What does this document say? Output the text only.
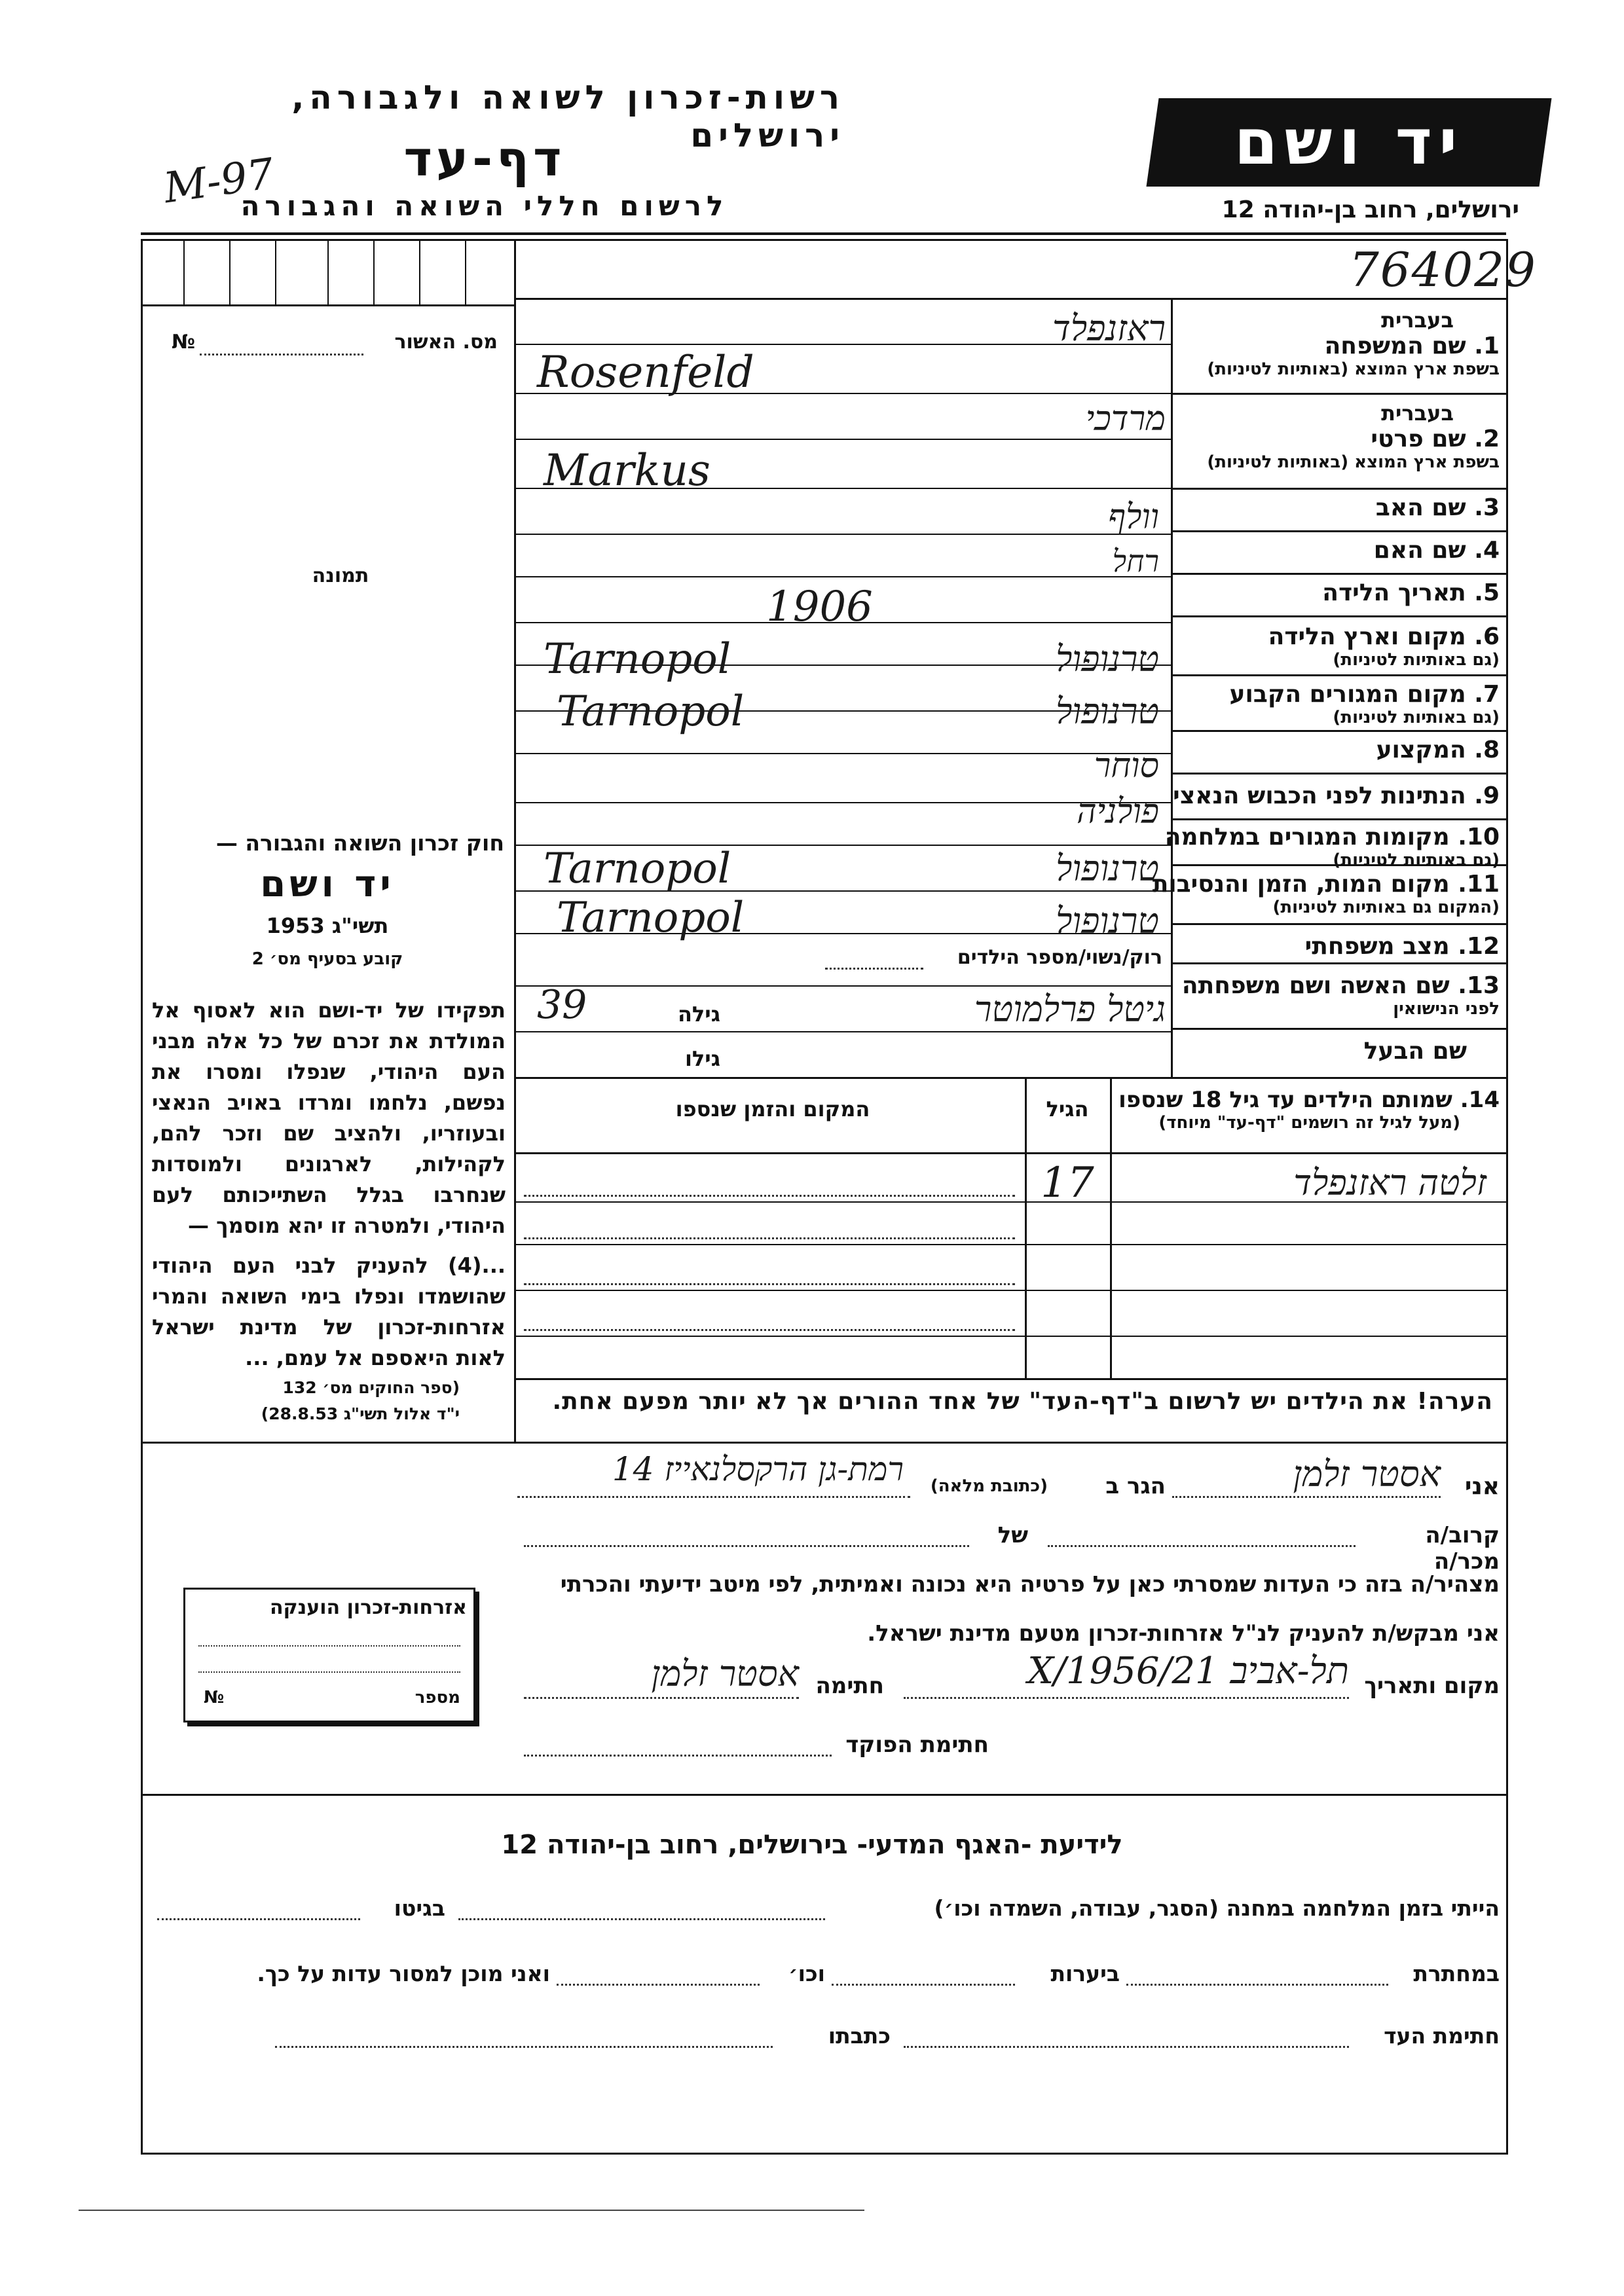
רשות-זכרון לשואה ולגבורה, ירושלים
דף-עד
לרשום חללי השואה והגבורה
M-97
יד ושם
ירושלים, רחוב בן-יהודה 12
764029
מס. האשור
№
תמונה
חוק זכרון השואה והגבורה —
יד ושם
תשי"ג 1953
קובע בסעיף מס׳ 2
תפקידו של יד-ושם הוא לאסוף אל המולדת את זכרם של כל אלה מבני העם היהודי, שנפלו ומסרו את נפשם, נלחמו ומרדו באויב הנאצי ובעוזריו, ולהציב שם וזכר להם, לקהילות, לארגונים ולמוסדות שנחרבו בגלל השתייכותם לעם היהודי, ולמטרה זו יהא מוסמך —
...(4) להעניק לבני העם היהודי שהושמדו ונפלו בימי השואה והמרי אזרחות-זכרון של מדינת ישראל לאות היאספם אל עמם, ...
(ספר החוקים מס׳ 132
י"ד אלול תשי"ג 28.8.53)
בעברית
1. שם המשפחה
בשפת ארץ המוצא (באותיות לטיניות)
ראזנפלד
Rosenfeld
בעברית
2. שם פרטי
בשפת ארץ המוצא (באותיות לטיניות)
מרדכי
Markus
3. שם האב
וולף
4. שם האם
רחל
5. תאריך הלידה
1906
6. מקום וארץ הלידה
(גם באותיות לטיניות)
טרנופול
Tarnopol
7. מקום המגורים הקבוע
(גם באותיות לטיניות)
טרנופול
Tarnopol
8. המקצוע
סוחר
9. הנתינות לפני הכבוש הנאצי
פולניה
10. מקומות המגורים במלחמה
(גם באותיות לטיניות)
טרנופול
Tarnopol	11. מקום המות, הזמן והנסיבות
(המקום גם באותיות לטיניות)
טרנופול
Tarnopol
12. מצב משפחתי
רוק/נשוי/מספר הילדים
13. שם האשה ושם משפחתה
לפני הנישואין
גיטל פרלמוטר
גילה
39
שם הבעל
גילו
14. שמותם הילדים עד גיל 18 שנספו
(מעל לגיל זה רושמים "דף-עד" מיוחד)
הגיל
המקום והזמן שנספו
זלטה ראזנפלד
17
הערה! את הילדים יש לרשום ב"דף-העד" של אחד ההורים אך לא יותר מפעם אחת.
אני
אסטר זלמן
הגר ב
(כתובת מלאה)
רמת-גן הרקסלנאייז 14
קרוב/ה מכר/ה
של
מצהיר/ה בזה כי העדות שמסרתי כאן על פרטיה היא נכונה ואמיתית, לפי מיטב ידיעתי והכרתי
אני מבקש/ת להעניק לנ"ל אזרחות-זכרון מטעם מדינת ישראל.
מקום ותאריך
תל-אביב 21/X/1956
חתימה
אסטר זלמן
חתימת הפוקד
אזרחות-זכרון הוענקה
מספר
№
לידיעת -האגף המדעי- בירושלים, רחוב בן-יהודה 12
הייתי בזמן המלחמה במחנה (הסגר, עבודה, השמדה וכו׳)
בגיטו
במחתרת
ביערות
וכו׳
ואני מוכן למסור עדות על כך.
חתימת העד
כתבתו
